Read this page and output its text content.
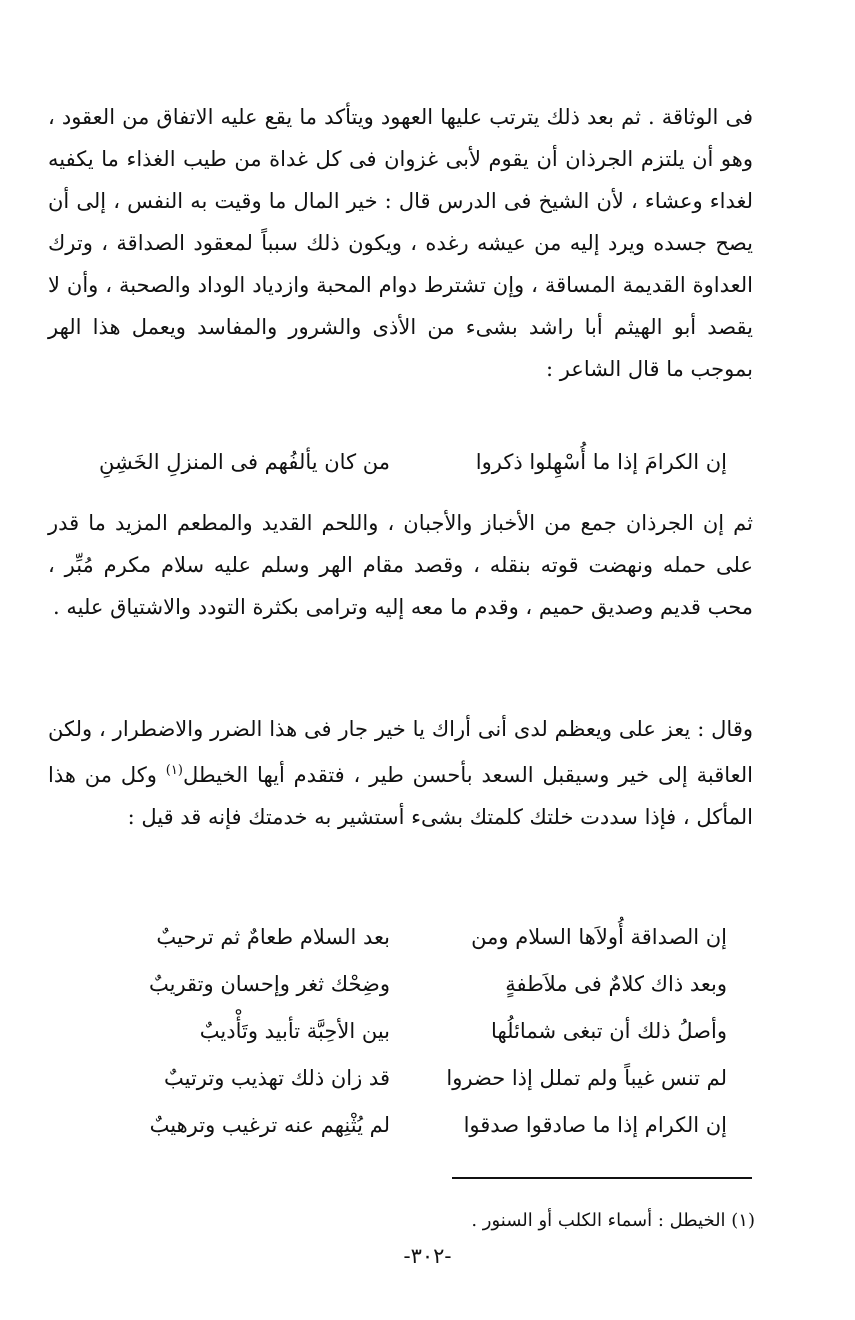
فى الوثاقة . ثم بعد ذلك يترتب عليها العهود ويتأكد ما يقع عليه الاتفاق من العقود ، وهو أن يلتزم الجرذان أن يقوم لأبى غزوان فى كل غداة من طيب الغذاء ما يكفيه لغداء وعشاء ، لأن الشيخ فى الدرس قال : خير المال ما وقيت به النفس ، إلى أن يصح جسده ويرد إليه من عيشه رغده ، ويكون ذلك سبباً لمعقود الصداقة ، وترك العداوة القديمة المساقة ، وإن تشترط دوام المحبة وازدياد الوداد والصحبة ، وأن لا يقصد أبو الهيثم أبا راشد بشىء من الأذى والشرور والمفاسد ويعمل هذا الهر بموجب ما قال الشاعر :

إن الكرامَ إذا ما أُسْهِلوا ذكروا
من كان يألفُهم فى المنزلِ الخَشِنِ

ثم إن الجرذان جمع من الأخباز والأجبان ، واللحم القديد والمطعم المزيد ما قدر على حمله ونهضت قوته بنقله ، وقصد مقام الهر وسلم عليه سلام مكرم مُبِّر ، محب قديم وصديق حميم ، وقدم ما معه إليه وترامى بكثرة التودد والاشتياق عليه .

وقال : يعز على ويعظم لدى أنى أراك يا خير جار فى هذا الضرر والاضطرار ، ولكن العاقبة إلى خير وسيقبل السعد بأحسن طير ، فتقدم أيها الخيطل$^{(١)}$ وكل من هذا المأكل ، فإذا سددت خلتك كلمتك بشىء أستشير به خدمتك فإنه قد قيل :

إن الصداقة أُولاَها السلام ومن
بعد السلام طعامٌ ثم ترحيبٌ
وبعد ذاك كلامٌ فى ملاَطفةٍ
وضِحْك ثغر وإحسان وتقريبٌ
وأصلُ ذلك أن تبغى شمائلُها
بين الأحِبَّة تأبيد وتَأْديبٌ
لم تنس غيباً ولم تملل إذا حضروا
قد زان ذلك تهذيب وترتيبٌ
إن الكرام إذا ما صادقوا صدقوا
لم يُثْنِهم عنه ترغيب وترهيبٌ
(١) الخيطل : أسماء الكلب أو السنور .
-٣٠٢-
